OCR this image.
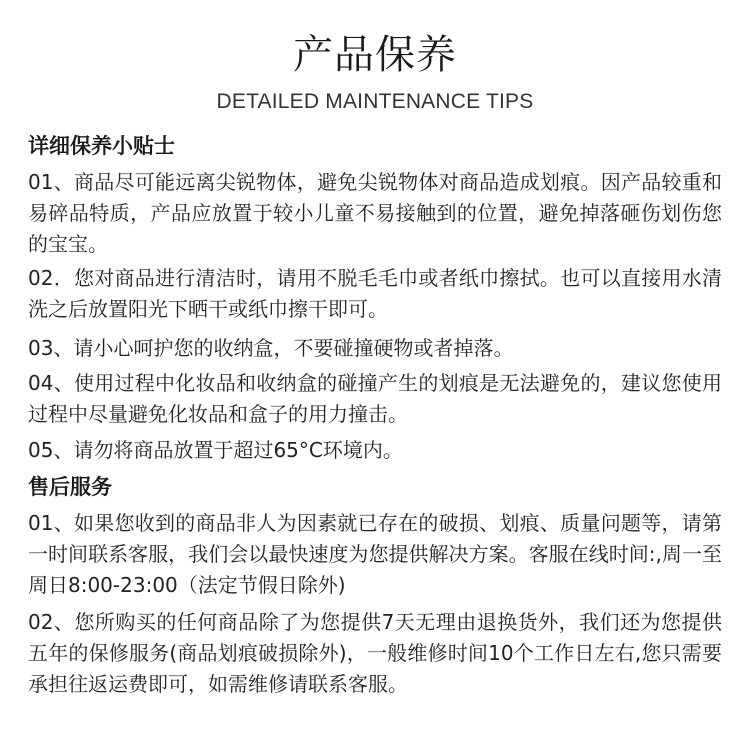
产品保养
DETAILED MAINTENANCE TIPS
详细保养小贴士
01、商品尽可能远离尖锐物体，避免尖锐物体对商品造成划痕。因产品较重和易碎品特质，产品应放置于较小儿童不易接触到的位置，避免掉落砸伤划伤您的宝宝。
02．您对商品进行清洁时，请用不脱毛毛巾或者纸巾擦拭。也可以直接用水清洗之后放置阳光下晒干或纸巾擦干即可。
03、请小心呵护您的收纳盒，不要碰撞硬物或者掉落。
04、使用过程中化妆品和收纳盒的碰撞产生的划痕是无法避免的，建议您使用过程中尽量避免化妆品和盒子的用力撞击。
05、请勿将商品放置于超过65°C环境内。
售后服务
01、如果您收到的商品非人为因素就已存在的破损、划痕、质量问题等，请第一时间联系客服，我们会以最快速度为您提供解决方案。客服在线时间:,周一至周日8:00-23:00（法定节假日除外)
02、您所购买的任何商品除了为您提供7天无理由退换货外，我们还为您提供五年的保修服务(商品划痕破损除外)，一般维修时间10个工作日左右,您只需要承担往返运费即可，如需维修请联系客服。
